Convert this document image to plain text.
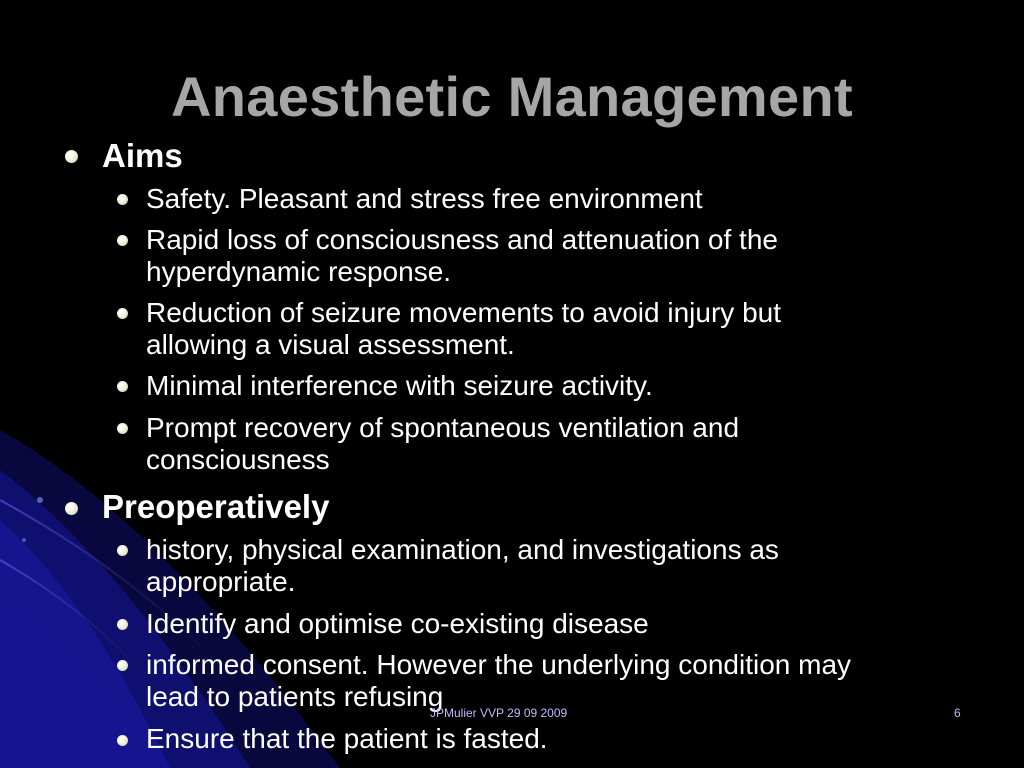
Anaesthetic Management
Aims
Safety. Pleasant and stress free environment
Rapid loss of consciousness and attenuation of the
hyperdynamic response.
Reduction of seizure movements to avoid injury but
allowing a visual assessment.
Minimal interference with seizure activity.
Prompt recovery of spontaneous ventilation and
consciousness
Preoperatively
history, physical examination, and investigations as
appropriate.
Identify and optimise co-existing disease
informed consent. However the underlying condition may
lead to patients refusing
Ensure that the patient is fasted.
JPMulier VVP 29 09 2009	6
